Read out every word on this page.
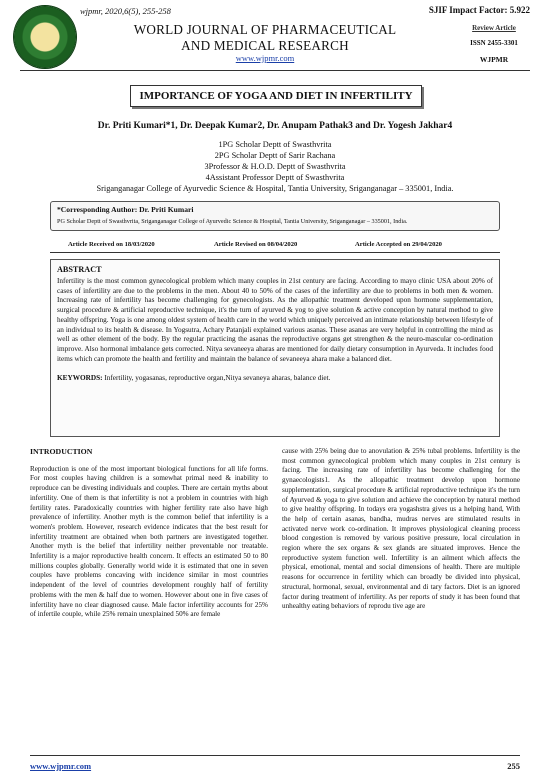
wjpmr, 2020,6(5), 255-258	SJIF Impact Factor: 5.922
WORLD JOURNAL OF PHARMACEUTICAL
AND MEDICAL RESEARCH
www.wjpmr.com
Review Article
ISSN 2455-3301
WJPMR
IMPORTANCE OF YOGA AND DIET IN INFERTILITY
Dr. Priti Kumari*1, Dr. Deepak Kumar2, Dr. Anupam Pathak3 and Dr. Yogesh Jakhar4
1PG Scholar Deptt of Swasthvrita
2PG Scholar Deptt of Sarir Rachana
3Professor & H.O.D. Deptt of Swasthvrita
4Assistant Professor Deptt of Swasthvrita
Sriganganagar College of Ayurvedic Science & Hospital, Tantia University, Sriganganagar – 335001, India.
*Corresponding Author: Dr. Priti Kumari
PG Scholar Deptt of Swasthvrita, Sriganganagar College of Ayurvedic Science & Hospital, Tantia University, Sriganganagar – 335001, India.
Article Received on 18/03/2020	Article Revised on 08/04/2020	Article Accepted on 29/04/2020
ABSTRACT
Infertility is the most common gynecological problem which many couples in 21st century are facing. According to mayo clinic USA about 20% of cases of infertility are due to the problems in the men. About 40 to 50% of the cases of the infertility are due to problems in both men & women. Increasing rate of infertility has become challenging for gynecologists. As the allopathic treatment developed upon hormone supplementation, surgical procedure & artificial reproductive technique, it's the turn of ayurved & yog to give solution & active conception by natural method to give healthy offspring. Yoga is one among oldest system of health care in the world which uniquely perceived an intimate relationship between lifestyle of an individual to its health & disease. In Yogsutra, Achary Patanjali explained various asanas. These asanas are very helpful in controlling the mind as well as other element of the body. By the regular practicing the asanas the reproductive organs get strengthen & the neuro-mascular co-ordination improve. Also hormonal imbalance gets corrected. Nitya sevaneeya aharas are mentioned for daily dietary consumption in Ayurveda. It includes food items which can promote the health and fertility and maintain the balance of sevaneeya ahara make a balanced diet.
KEYWORDS: Infertility, yogasanas, reproductive organ,Nitya sevaneya aharas, balance diet.
INTRODUCTION

Reproduction is one of the most important biological functions for all life forms. For most couples having children is a somewhat primal need & inability to reproduce can be divesting individuals and couples. There are certain myths about infertility. One of them is that infertility is not a problem in countries with high fertility rates. Paradoxically countries with higher fertility rate also have high prevalence of infertility. Another myth is the common belief that infertility is a women's problem. However, research evidence indicates that the best result for infertility treatment are obtained when both partners are investigated together. Another myth is the belief that infertility neither preventable nor treatable. Infertility is a major reproductive health concern. It effects an estimated 50 to 80 millions couples globally. Generally world wide it is estimated that one in seven couples have problems concaving with incidence similar in most countries independent of the level of countries development roughly half of fertility problems with the men & half due to women. However about one in five cases of infertility have no clear diagnosed cause. Male factor infertility accounts for 25% of infertile couple, while 25% remain unexplained 50% are female

cause with 25% being due to anovulation & 25% tubal problems. Infertility is the most common gynecological problem which many couples in 21st century is facing. The increasing rate of infertility has become challenging for the gynaecologists1. As the allopathic treatment develop upon hormone supplementation, surgical procedure & artificial reproductive technique it's the turn of Ayurved & yoga to give solution and achieve the conception by natural method to give healthy offspring. In todays era yogashstra gives us a helping hand, With the help of certain asanas, bandha, mudras nerves are stimulated results in activated nerve work co-ordination. It improves physiological cleaning process blood congestion is removed by various positive pressure, local circulation in region where the sex organs & sex glands are situated improves. Hence the reproductive system function well. Infertility is an ailment which affects the physical, emotional, mental and social dimensions of health. There are multiple reasons for occurrence in fertility which can broadly be divided into physical, structural, hormonal, sexual, environmental and di tary factors. Diet is an ignored factor during treatment of infertility. As per reports of study it has been found that unhealthy eating behaviors of reprodu tive age are

www.wjpmr.com	255
